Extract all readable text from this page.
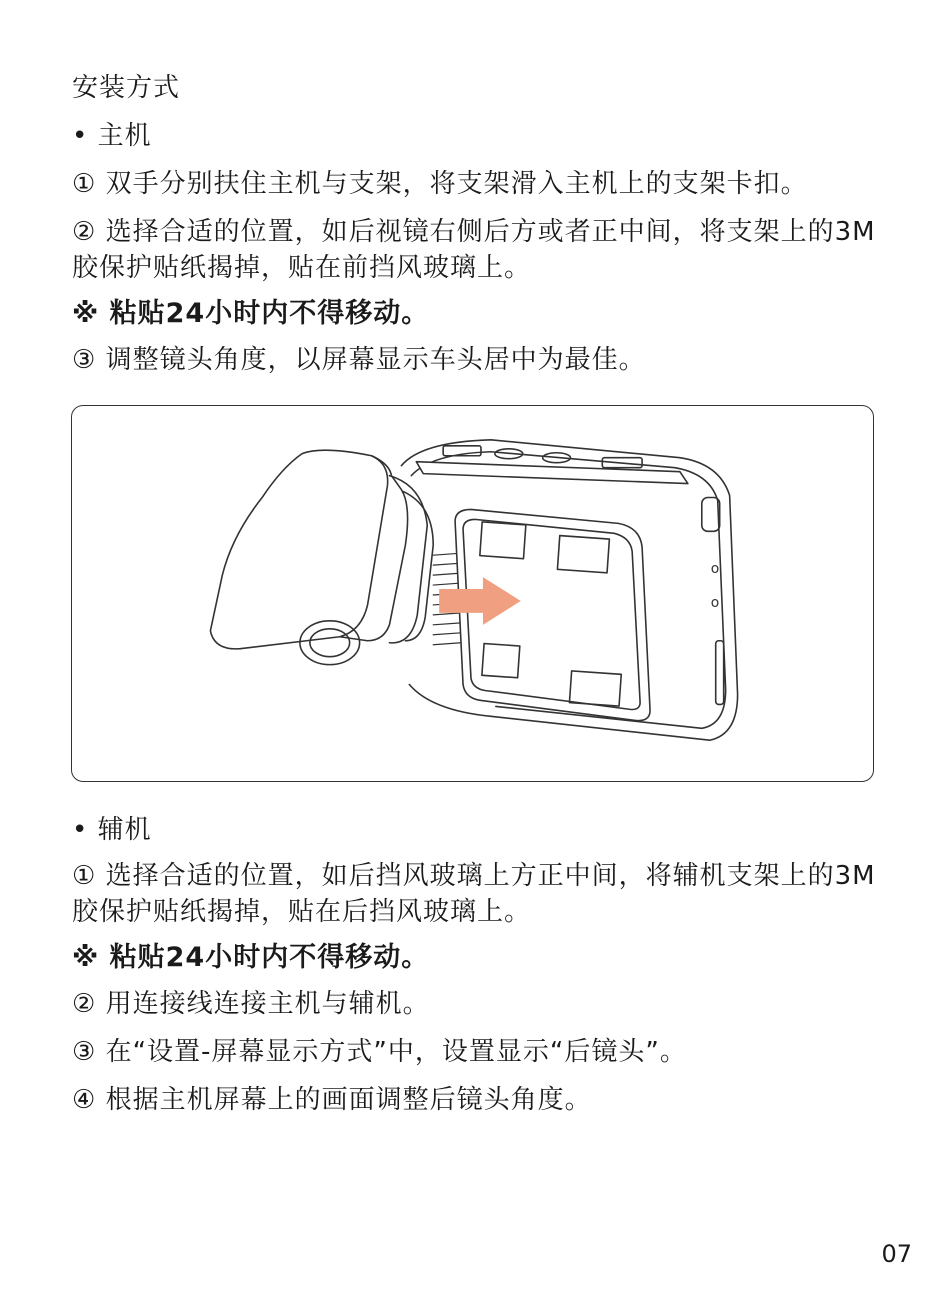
安装方式
• 主机
① 双手分别扶住主机与支架，将支架滑入主机上的支架卡扣。
② 选择合适的位置，如后视镜右侧后方或者正中间，将支架上的3M胶保护贴纸揭掉，贴在前挡风玻璃上。
※ 粘贴24小时内不得移动。
③ 调整镜头角度，以屏幕显示车头居中为最佳。
o
o
• 辅机
① 选择合适的位置，如后挡风玻璃上方正中间，将辅机支架上的3M胶保护贴纸揭掉，贴在后挡风玻璃上。
※ 粘贴24小时内不得移动。
② 用连接线连接主机与辅机。
③ 在“设置-屏幕显示方式”中，设置显示“后镜头”。
④ 根据主机屏幕上的画面调整后镜头角度。
07
